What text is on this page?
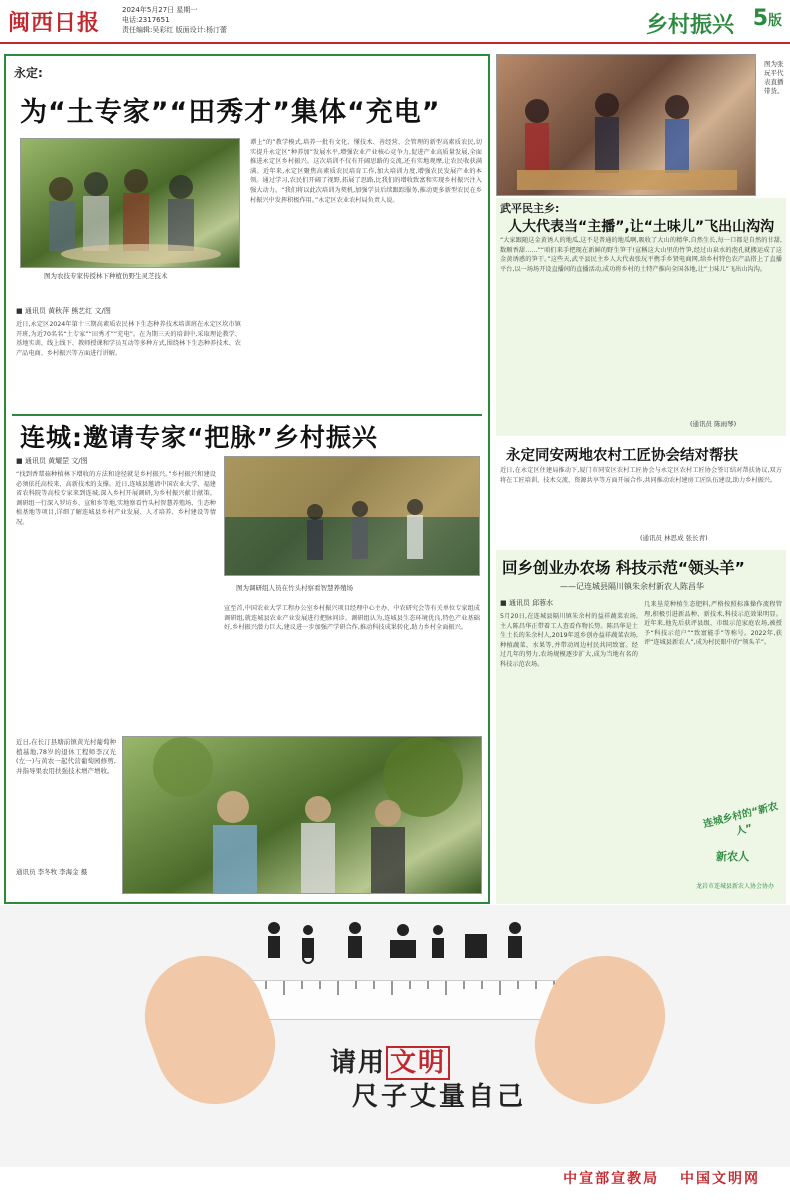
闽西日报	2024年5月27日 星期一
电话:2317651
责任编辑:吴彩红 版面设计:杨汀蕾	乡村振兴 5版
永定:
为“土专家”“田秀才”集体“充电”
图为农技专家传授林下种植仿野生灵芝技术
■ 通讯员 黄秋萍 熊艺红 文/图
近日,永定区2024年第十三期高素质农民林下生态种养技术培训班在永定区坎市镇开班,为近70名名“土专家”“田秀才”“充电”。在为期三天的培训中,采取理论教学、基地实训、线上线下、教师授课和学员互动等多种方式,围绕林下生态种养技术、农产品电商、乡村振兴等方面进行讲解。
谭上“的”教学模式,培养一批有文化、懂技术、善经营、会管理的新型高素质农民,切实提升永定区“种养加”发展水平,增强农业产业核心竞争力,促进产业高质量发展,全面推进永定区乡村振兴。这次培训不仅有开阔思路的交流,还有实地观摩,让农民收获满满。近年来,永定区聚焦高素质农民培育工作,加大培训力度,增强农民发展产业的本领。通过学习,农民们开阔了视野,拓展了思路,比我们的增收致富和实现乡村振兴注入强大动力。“我们将以此次培训为契机,加强学员后续跟踪服务,推动更多新型农民在乡村振兴中发挥积极作用。”永定区农业农村局负责人说。
连城:邀请专家“把脉”乡村振兴
■ 通讯员 黄耀罡 文/图
“找到香蕈菇种植林下增收的方法和途径就是乡村振兴。”乡村振兴和建设必须依托高校来、高新技术的支撑。近日,连城县邀请中国农业大学、福建省农科院等高校专家来到连城,深入乡村开展调研,为乡村振兴献计献策。调研组一行深入罗坊乡、宣和乡等地,实地察看竹头村智慧养殖场、生态种植基地等项目,详细了解连城县乡村产业发展、人才培养、乡村建设等情况。
图为调研组人员在竹头村察看智慧养殖场
宣至首,中国农业大学工程办公室乡村振兴项目经理中心主办、中农研究会等有关单位专家组成调研组,就连城县农业产业发展进行把脉问诊。调研组认为,连城县生态环境优良,特色产业基础好,乡村振兴潜力巨大,建议进一步加强产学研合作,推动科技成果转化,助力乡村全面振兴。
近日,在长汀县塘前镇黄光村葡萄种植基地,78岁的退休工程师李汉光(左一)与黄农一起代营葡萄园修剪,并指导果农用扶强技术增产增收。
通讯员 李冬牧 李海金 摄
图为张玩平代表直播带货。
武平民主乡:
人大代表当“主播”,让“土味儿”飞出山沟沟
“大家跟随这金黄诱人的地瓜,这不是普通的地瓜啊,吸收了大山的精华,自然生长,每一口都是自然的甘甜,数顺香甜……”“咱们来手把现在新鲜的野生笋干!宣稱这大山里的竹笋,经过山泉水的泡孔就搬运成了这金黄诱惑的笋干。”这些天,武平县民主乡人大代表张玩平携手乡贤电商网,给乡村特色农产品搭上了直播平台,以一场场开设直播间的直播活动,成功将乡村的土特产推向全国各地,让“土味儿”飞出山沟沟。
(通讯员 陈雨琴)
永定同安两地农村工匠协会结对帮扶
近日,在永定区住建局推动下,厦门市同安区农村工匠协会与永定区农村工匠协会签订结对帮扶协议,双方将在工匠培训、技术交流、资源共享等方面开展合作,共同推动农村建房工匠队伍建设,助力乡村振兴。
(通讯员 林思成 张长青)
回乡创业办农场 科技示范“领头羊”
——记连城县隔川镇朱余村新农人陈昌华
■ 通讯员 邱蓉水
5月20日,在连城县隔川镇朱余村的益祥蔬菜农场,主人陈昌华正带着工人查看作物长势。陈昌华是土生土长的朱余村人,2019年返乡创办益祥蔬菜农场,种植蔬菜、水果等,并带动周边村民共同致富。经过几年的努力,农场规模逐步扩大,成为当地有名的科技示范农场。
几来垦荒种植生态肥料,严格按照标准操作流程管理,积极引进新品种、新技术,科技示范效果明显。近年来,他先后获评县级、市级示范家庭农场,被授予“科技示范户”“致富能手”等称号。2022年,获评“连城县新农人”,成为村民眼中的“领头羊”。
连城乡村的“新农人”
新农人
龙岩市连城县新农人协会协办
请用 文明
尺子丈量自己
中宣部宣教局 中国文明网
